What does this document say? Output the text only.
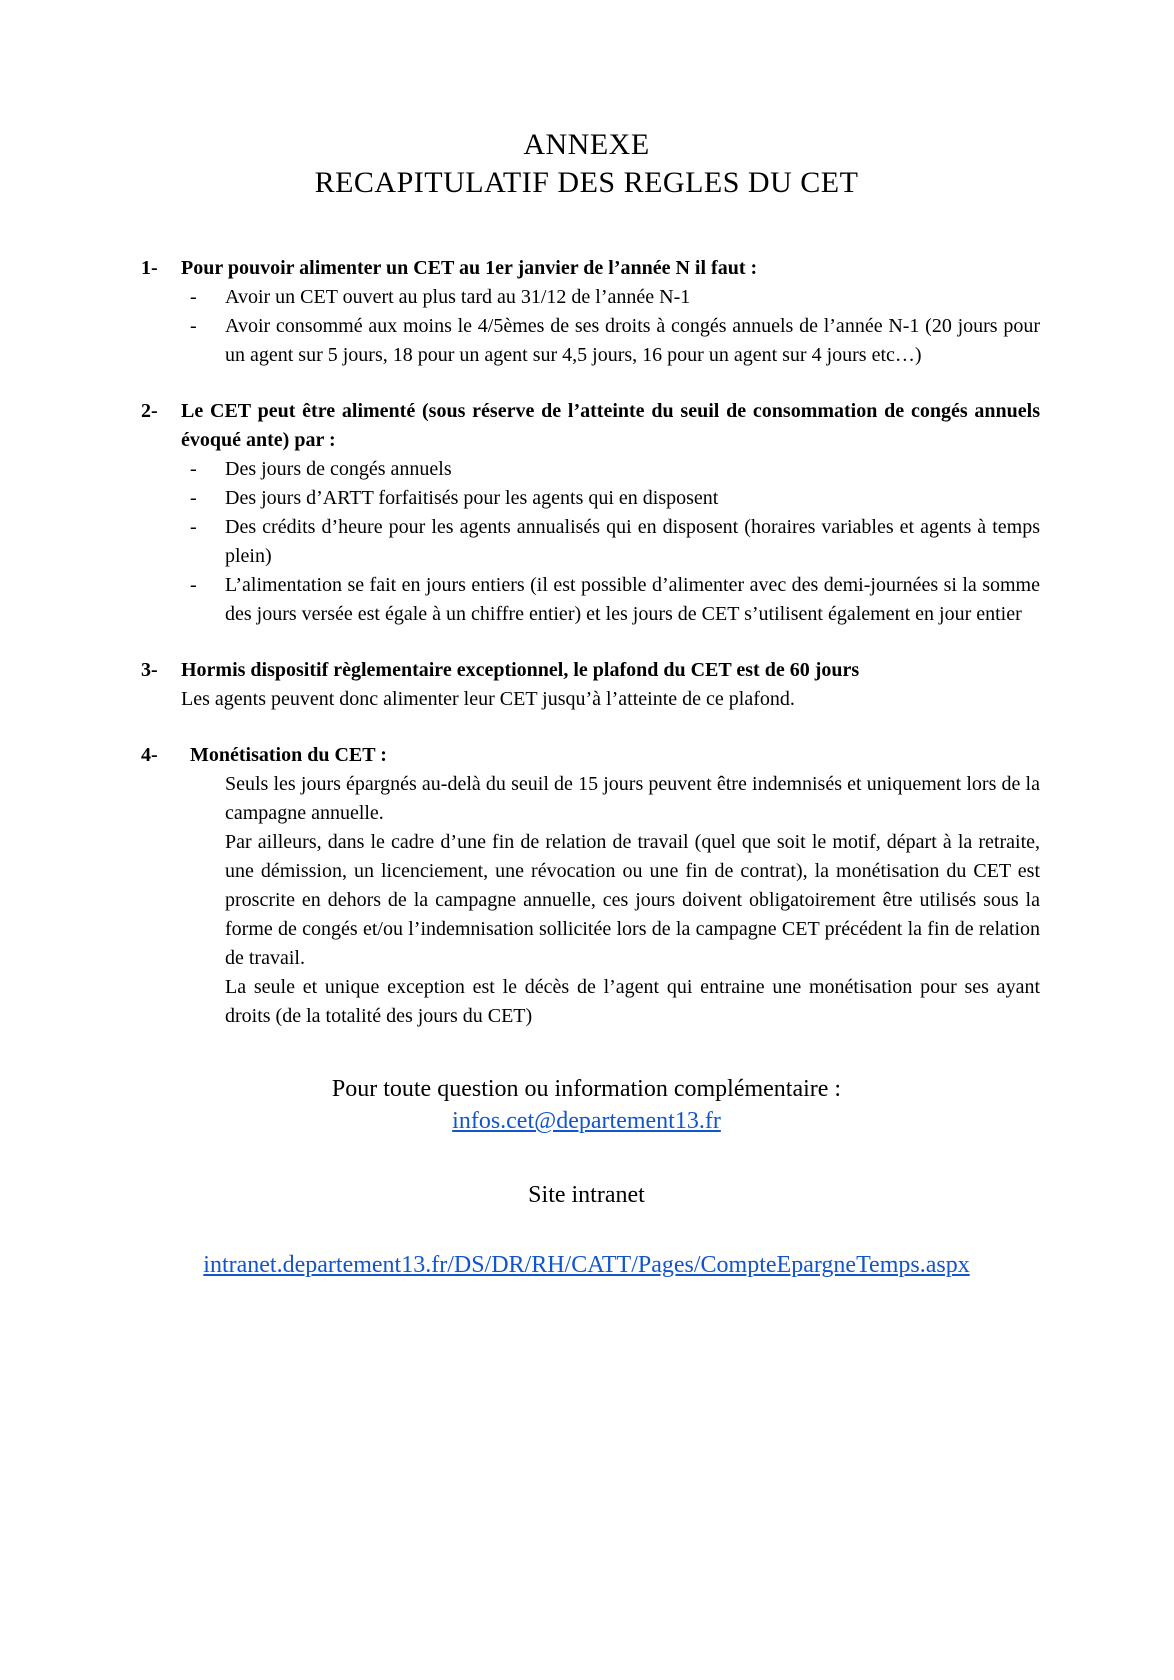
ANNEXE
RECAPITULATIF DES REGLES DU CET
1- Pour pouvoir alimenter un CET au 1er janvier de l’année N il faut :
- Avoir un CET ouvert au plus tard au 31/12 de l’année N-1
- Avoir consommé aux moins le 4/5èmes de ses droits à congés annuels de l’année N-1 (20 jours pour un agent sur 5 jours, 18 pour un agent sur 4,5 jours, 16 pour un agent sur 4 jours etc…)
2- Le CET peut être alimenté (sous réserve de l’atteinte du seuil de consommation de congés annuels évoqué ante) par :
- Des jours de congés annuels
- Des jours d’ARTT forfaitisés pour les agents qui en disposent
- Des crédits d’heure pour les agents annualisés qui en disposent (horaires variables et agents à temps plein)
- L’alimentation se fait en jours entiers (il est possible d’alimenter avec des demi-journées si la somme des jours versée est égale à un chiffre entier) et les jours de CET s’utilisent également en jour entier
3- Hormis dispositif règlementaire exceptionnel, le plafond du CET est de 60 jours
Les agents peuvent donc alimenter leur CET jusqu’à l’atteinte de ce plafond.
4- Monétisation du CET :
Seuls les jours épargnés au-delà du seuil de 15 jours peuvent être indemnisés et uniquement lors de la campagne annuelle.
Par ailleurs, dans le cadre d’une fin de relation de travail (quel que soit le motif, départ à la retraite, une démission, un licenciement, une révocation ou une fin de contrat), la monétisation du CET est proscrite en dehors de la campagne annuelle, ces jours doivent obligatoirement être utilisés sous la forme de congés et/ou l’indemnisation sollicitée lors de la campagne CET précédent la fin de relation de travail.
La seule et unique exception est le décès de l’agent qui entraine une monétisation pour ses ayant droits (de la totalité des jours du CET)
Pour toute question ou information complémentaire :
infos.cet@departement13.fr
Site intranet
intranet.departement13.fr/DS/DR/RH/CATT/Pages/CompteEpargneTemps.aspx
